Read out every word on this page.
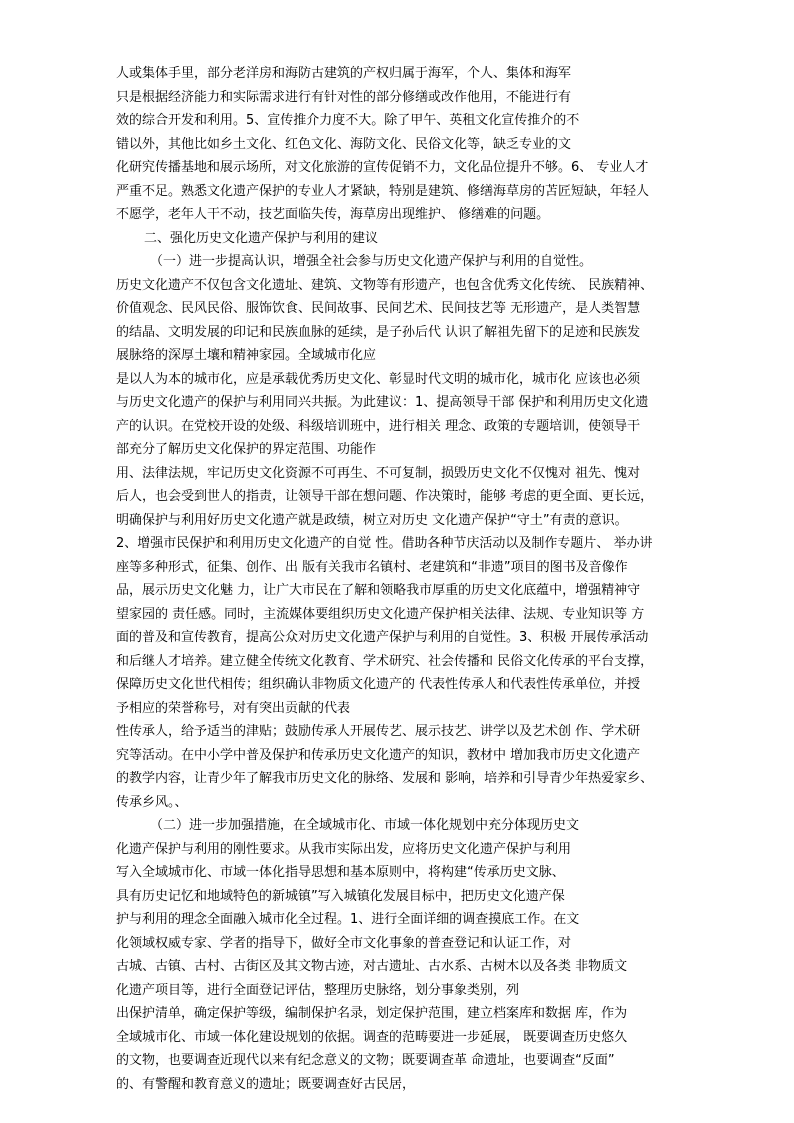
人或集体手里，部分老洋房和海防古建筑的产权归属于海军，个人、集体和海军
只是根据经济能力和实际需求进行有针对性的部分修缮或改作他用，不能进行有
效的综合开发和利用。5、宣传推介力度不大。除了甲午、英租文化宣传推介的不
错以外，其他比如乡土文化、红色文化、海防文化、民俗文化等，缺乏专业的文
化研究传播基地和展示场所，对文化旅游的宣传促销不力，文化品位提升不够。6、 专业人才
严重不足。熟悉文化遗产保护的专业人才紧缺，特别是建筑、修缮海草房的苫匠短缺，年轻人
不愿学，老年人干不动，技艺面临失传，海草房出现维护、 修缮难的问题。
二、强化历史文化遗产保护与利用的建议
（一）进一步提高认识，增强全社会参与历史文化遗产保护与利用的自觉性。
历史文化遗产不仅包含文化遗址、建筑、文物等有形遗产，也包含优秀文化传统、 民族精神、
价值观念、民风民俗、服饰饮食、民间故事、民间艺术、民间技艺等 无形遗产，是人类智慧
的结晶、文明发展的印记和民族血脉的延续，是子孙后代 认识了解祖先留下的足迹和民族发
展脉络的深厚土壤和精神家园。全域城市化应
是以人为本的城市化，应是承载优秀历史文化、彰显时代文明的城市化，城市化 应该也必须
与历史文化遗产的保护与利用同兴共振。为此建议：1、提高领导干部 保护和利用历史文化遗
产的认识。在党校开设的处级、科级培训班中，进行相关 理念、政策的专题培训，使领导干
部充分了解历史文化保护的界定范围、功能作
用、法律法规，牢记历史文化资源不可再生、不可复制，损毁历史文化不仅愧对 祖先、愧对
后人，也会受到世人的指责，让领导干部在想问题、作决策时，能够 考虑的更全面、更长远，
明确保护与利用好历史文化遗产就是政绩，树立对历史 文化遗产保护“守土”有责的意识。
2、增强市民保护和利用历史文化遗产的自觉 性。借助各种节庆活动以及制作专题片、 举办讲
座等多种形式，征集、创作、出 版有关我市名镇村、老建筑和“非遗”项目的图书及音像作
品，展示历史文化魅 力，让广大市民在了解和领略我市厚重的历史文化底蕴中，增强精神守
望家园的 责任感。同时，主流媒体要组织历史文化遗产保护相关法律、法规、专业知识等 方
面的普及和宣传教育，提高公众对历史文化遗产保护与利用的自觉性。3、积极 开展传承活动
和后继人才培养。建立健全传统文化教育、学术研究、社会传播和 民俗文化传承的平台支撑，
保障历史文化世代相传；组织确认非物质文化遗产的 代表性传承人和代表性传承单位，并授
予相应的荣誉称号，对有突出贡献的代表
性传承人，给予适当的津贴；鼓励传承人开展传艺、展示技艺、讲学以及艺术创 作、学术研
究等活动。在中小学中普及保护和传承历史文化遗产的知识，教材中 增加我市历史文化遗产
的教学内容，让青少年了解我市历史文化的脉络、发展和 影响，培养和引导青少年热爱家乡、
传承乡风。、
（二）进一步加强措施，在全域城市化、市域一体化规划中充分体现历史文
化遗产保护与利用的刚性要求。从我市实际出发，应将历史文化遗产保护与利用
写入全域城市化、市域一体化指导思想和基本原则中，将构建“传承历史文脉、
具有历史记忆和地域特色的新城镇”写入城镇化发展目标中，把历史文化遗产保
护与利用的理念全面融入城市化全过程。1、进行全面详细的调查摸底工作。在文
化领域权威专家、学者的指导下，做好全市文化事象的普查登记和认证工作，对
古城、古镇、古村、古街区及其文物古迹，对古遗址、古水系、古树木以及各类 非物质文
化遗产项目等，进行全面登记评估，整理历史脉络，划分事象类别，列
出保护清单，确定保护等级，编制保护名录，划定保护范围，建立档案库和数据 库，作为
全域城市化、市域一体化建设规划的依据。调查的范畴要进一步延展， 既要调查历史悠久
的文物，也要调查近现代以来有纪念意义的文物；既要调查革 命遗址，也要调查“反面”
的、有警醒和教育意义的遗址；既要调查好古民居，
